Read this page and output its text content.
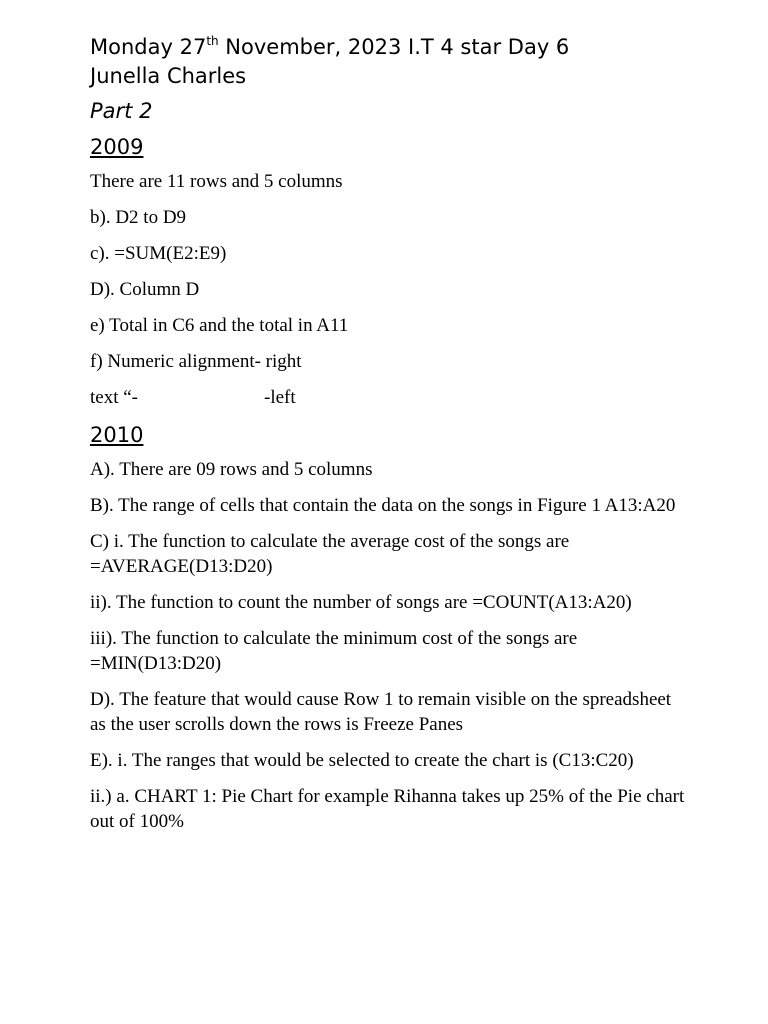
Monday 27th November, 2023 I.T 4 star Day 6
Junella Charles
Part 2
2009

There are 11 rows and 5 columns

b). D2 to D9

c). =SUM(E2:E9)

D). Column D

e) Total in C6 and the total in A11

f) Numeric alignment- right

text “-	-left

2010

A). There are 09 rows and 5 columns

B). The range of cells that contain the data on the songs in Figure 1 A13:A20

C) i. The function to calculate the average cost of the songs are =AVERAGE(D13:D20)

ii). The function to count the number of songs are =COUNT(A13:A20)

iii). The function to calculate the minimum cost of the songs are =MIN(D13:D20)

D). The feature that would cause Row 1 to remain visible on the spreadsheet as the user scrolls down the rows is Freeze Panes

E). i. The ranges that would be selected to create the chart is (C13:C20)

ii.) a. CHART 1: Pie Chart for example Rihanna takes up 25% of the Pie chart out of 100%
